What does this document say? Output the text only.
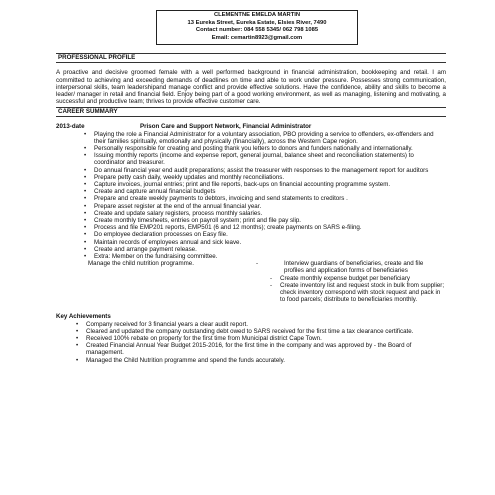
CLEMENTNE EMELDA MARTIN
13 Eureka Street, Eureka Estate, Elsies River, 7490
Contact number: 084 558 5345/ 062 798 1085
Email: cemartin8923@gmail.com
PROFESSIONAL PROFILE
A proactive and decisive groomed female with a well performed background in financial administration, bookkeeping and retail. I am committed to achieving and exceeding demands of deadlines on time and able to work under pressure. Possesses strong communication, interpersonal skills, team leadershipand manage conflict and provide effective solutions. Have the confidence, ability and skills to become a leader/ manager in retail and financial field. Enjoy being part of a good working environment, as well as managing, listening and motivating, a successful and productive team; thrives to provide effective customer care.
CAREER SUMMARY
2013-date	Prison Care and Support Network, Financial Administrator
• Playing the role a Financial Administrator for a voluntary association, PBO providing a service to offenders, ex-offenders and their families spiritually, emotionally and physically (financially), across the Western Cape region.
• Personally responsible for creating and posting thank you letters to donors and funders nationally and internationally.
• Issuing monthly reports (income and expense report, general journal, balance sheet and reconciliation statements) to coordinator and treasurer.
• Do annual financial year end audit preparations; assist the treasurer with responses to the management report for auditors
• Prepare petty cash daily, weekly updates and monthly reconciliations.
• Capture invoices, journal entries; print and file reports, back-ups on financial accounting programme system.
• Create and capture annual financial budgets
• Prepare and create weekly payments to debtors, invoicing and send statements to creditors .
• Prepare asset register at the end of the annual financial year.
• Create and update salary registers, process monthly salaries.
• Create monthly timesheets, entries on payroll system; print and file pay slip.
• Process and file EMP201 reports, EMP501 (6 and 12 months); create payments on SARS e-filing.
• Do employee declaration processes on Easy file.
• Maintain records of employees annual and sick leave.
• Create and arrange payment release.
• Extra: Member on the fundraising committee.
Manage the child nutrition programme.	-	Interview guardians of beneficiaries, create and file profiles and application forms of beneficiaries
- Create monthly expense budget per beneficiary
- Create inventory list and request stock in bulk from supplier; check inventory correspond with stock request and pack in to food parcels; distribute to beneficiaries monthly.
Key Achievements
• Company received for 3 financial years a clear audit report.
• Cleared and updated the company outstanding debt owed to SARS received for the first time a tax clearance certificate.
• Received 100% rebate on property for the first time from Municipal district Cape Town.
• Created Financial Annual Year Budget 2015-2016, for the first time in the company and was approved by - the Board of management.
• Managed the Child Nutrition programme and spend the funds accurately.
